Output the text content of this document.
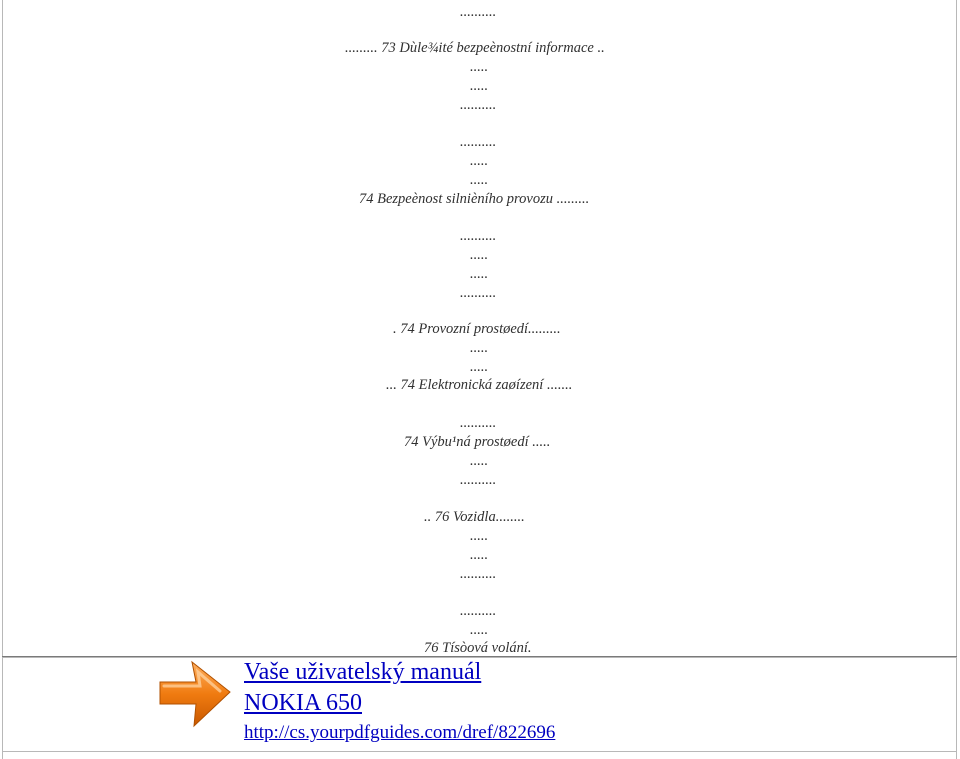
..........
......... 73 Dùle¾ité bezpeènostní informace ..
.....
.....
..........
..........
.....
.....
74 Bezpeènost silnièního provozu .........
..........
.....
.....
..........
. 74 Provozní prostøedí.........
.....
.....
... 74 Elektronická zaøízení .......
..........
74 Výbu¹ná prostøedí .....
.....
..........
.. 76 Vozidla........
.....
.....
..........
..........
.....
76 Tísòová volání.
Vaše uživatelský manuál
NOKIA 650
http://cs.yourpdfguides.com/dref/822696
